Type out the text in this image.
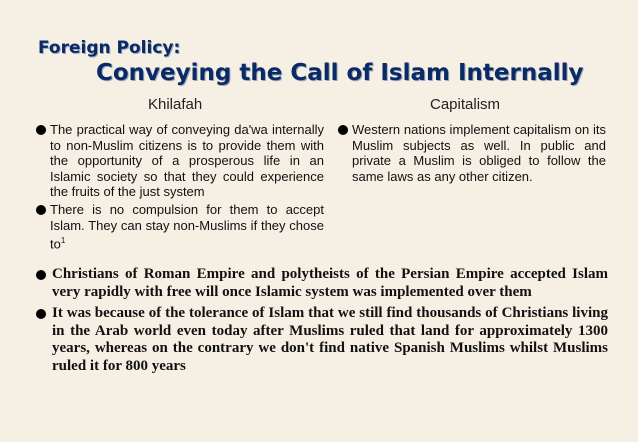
Foreign Policy:
Conveying the Call of Islam Internally
Khilafah	Capitalism
The practical way of conveying da'wa internally to non-Muslim citizens is to provide them with the opportunity of a prosperous life in an Islamic society so that they could experience the fruits of the just system
There is no compulsion for them to accept Islam. They can stay non-Muslims if they chose $to^1$
Western nations implement capitalism on its Muslim subjects as well. In public and private a Muslim is obliged to follow the same laws as any other citizen.
Christians of Roman Empire and polytheists of the Persian Empire accepted Islam very rapidly with free will once Islamic system was implemented over them
It was because of the tolerance of Islam that we still find thousands of Christians living in the Arab world even today after Muslims ruled that land for approximately 1300 years, whereas on the contrary we don't find native Spanish Muslims whilst Muslims ruled it for 800 years
